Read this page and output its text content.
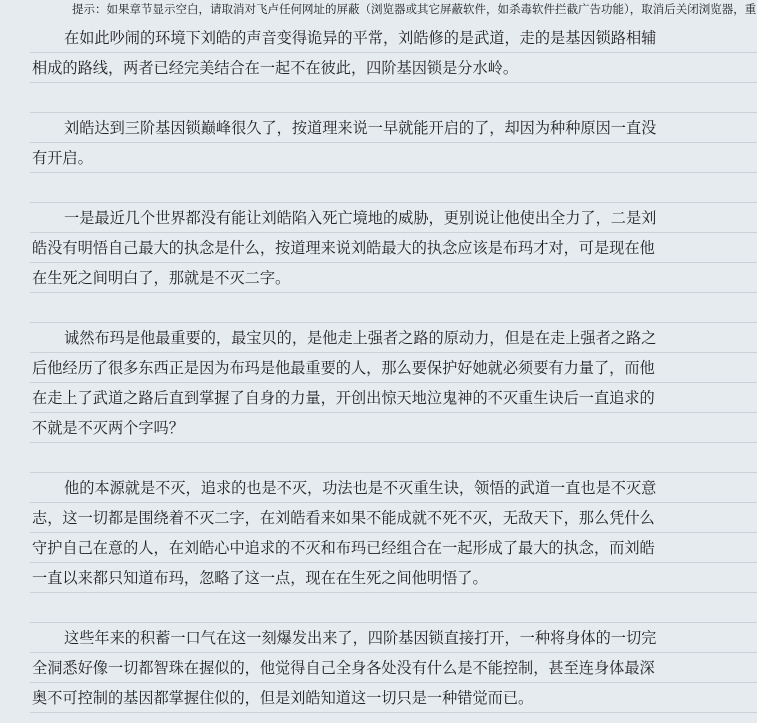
提示：如果章节显示空白，请取消对飞卢任何网址的屏蔽（浏览器或其它屏蔽软件，如杀毒软件拦截广告功能），取消后关闭浏览器，重
在如此吵闹的环境下刘皓的声音变得诡异的平常，刘皓修的是武道，走的是基因锁路相辅
相成的路线，两者已经完美结合在一起不在彼此，四阶基因锁是分水岭。
刘皓达到三阶基因锁巅峰很久了，按道理来说一早就能开启的了，却因为种种原因一直没
有开启。
一是最近几个世界都没有能让刘皓陷入死亡境地的威胁，更别说让他使出全力了，二是刘
皓没有明悟自己最大的执念是什么，按道理来说刘皓最大的执念应该是布玛才对，可是现在他
在生死之间明白了，那就是不灭二字。
诚然布玛是他最重要的，最宝贝的，是他走上强者之路的原动力，但是在走上强者之路之
后他经历了很多东西正是因为布玛是他最重要的人，那么要保护好她就必须要有力量了，而他
在走上了武道之路后直到掌握了自身的力量，开创出惊天地泣鬼神的不灭重生诀后一直追求的
不就是不灭两个字吗？
他的本源就是不灭，追求的也是不灭，功法也是不灭重生诀，领悟的武道一直也是不灭意
志，这一切都是围绕着不灭二字，在刘皓看来如果不能成就不死不灭，无敌天下，那么凭什么
守护自己在意的人，在刘皓心中追求的不灭和布玛已经组合在一起形成了最大的执念，而刘皓
一直以来都只知道布玛，忽略了这一点，现在在生死之间他明悟了。
这些年来的积蓄一口气在这一刻爆发出来了，四阶基因锁直接打开，一种将身体的一切完
全洞悉好像一切都智珠在握似的，他觉得自己全身各处没有什么是不能控制，甚至连身体最深
奥不可控制的基因都掌握住似的，但是刘皓知道这一切只是一种错觉而已。
